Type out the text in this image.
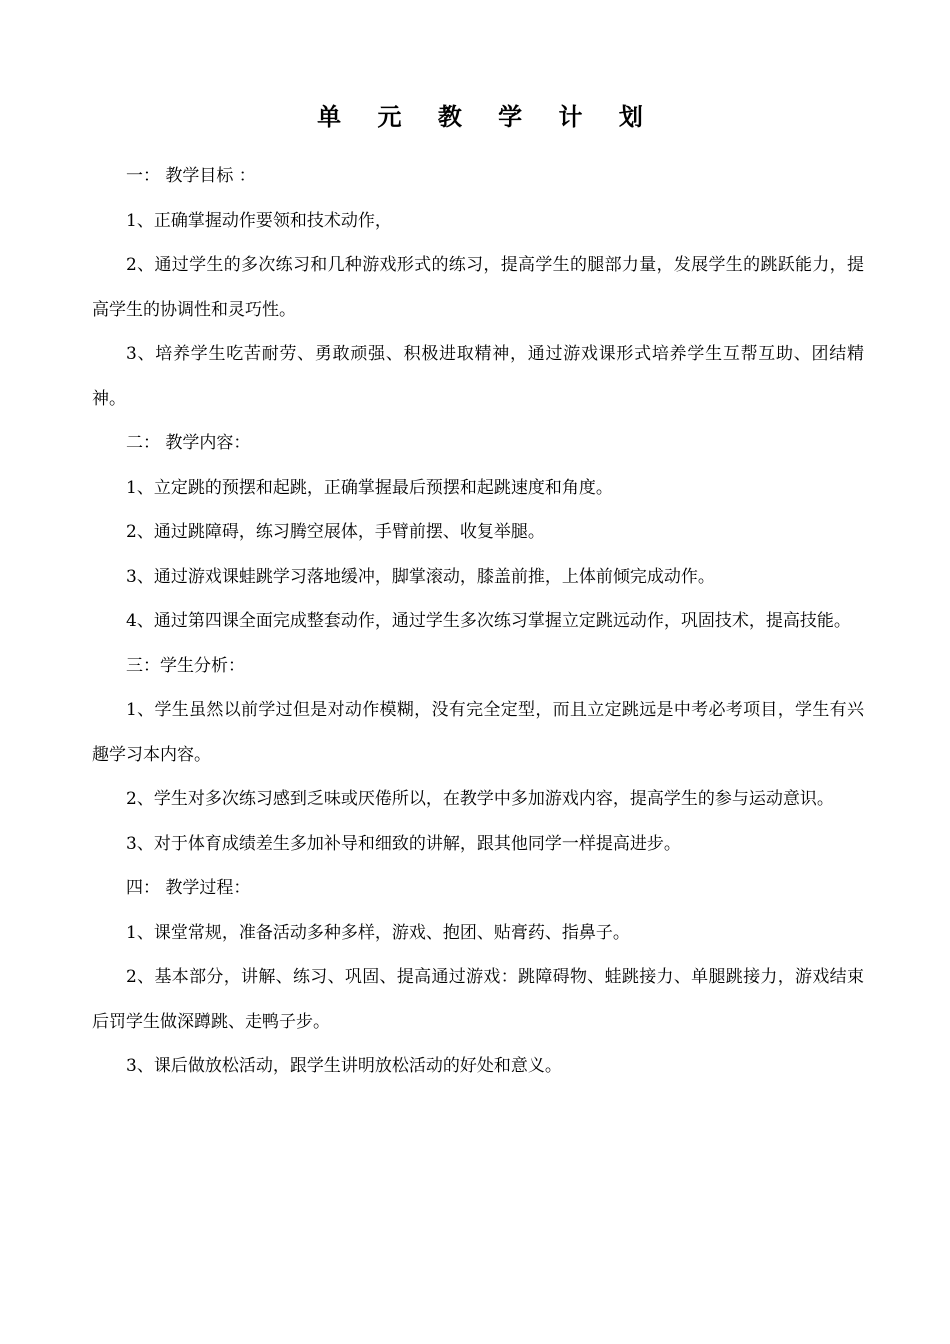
单 元 教 学 计 划

一： 教学目标 ：

1、正确掌握动作要领和技术动作，

2、通过学生的多次练习和几种游戏形式的练习，提高学生的腿部力量，发展学生的跳跃能力，提高学生的协调性和灵巧性。

3、培养学生吃苦耐劳、勇敢顽强、积极进取精神，通过游戏课形式培养学生互帮互助、团结精神。

二： 教学内容：

1、立定跳的预摆和起跳，正确掌握最后预摆和起跳速度和角度。

2、通过跳障碍，练习腾空展体，手臂前摆、收复举腿。

3、通过游戏课蛙跳学习落地缓冲，脚掌滚动，膝盖前推，上体前倾完成动作。

4、通过第四课全面完成整套动作，通过学生多次练习掌握立定跳远动作，巩固技术，提高技能。

三：学生分析：

1、学生虽然以前学过但是对动作模糊，没有完全定型，而且立定跳远是中考必考项目，学生有兴趣学习本内容。

2、学生对多次练习感到乏味或厌倦所以，在教学中多加游戏内容，提高学生的参与运动意识。

3、对于体育成绩差生多加补导和细致的讲解，跟其他同学一样提高进步。

四： 教学过程：

1、课堂常规，准备活动多种多样，游戏、抱团、贴膏药、指鼻子。

2、基本部分，讲解、练习、巩固、提高通过游戏：跳障碍物、蛙跳接力、单腿跳接力，游戏结束后罚学生做深蹲跳、走鸭子步。

3、课后做放松活动，跟学生讲明放松活动的好处和意义。
